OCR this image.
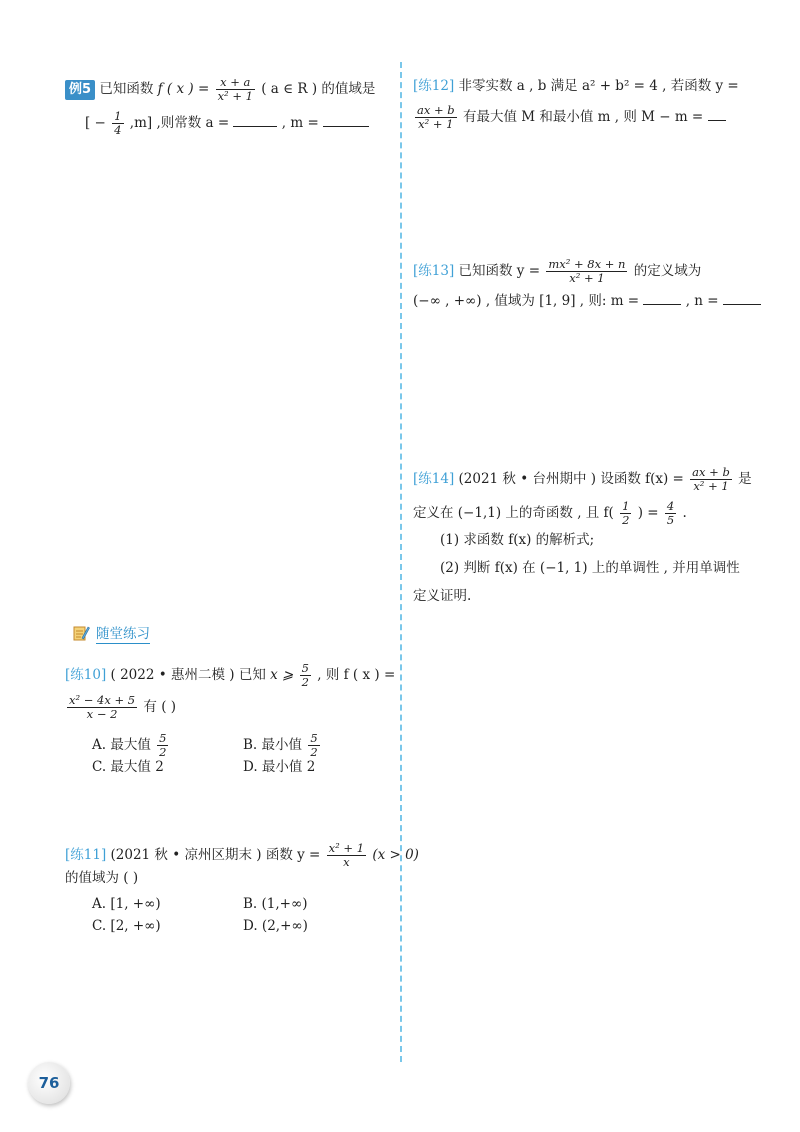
例5 已知函数 f ( x ) = $\frac{x + a}{\text{x² + 1}}$ ( a ∈ R ) 的值域是
[ − $\frac{1}{4} ,m$] ,则常数 a =	, m =
随堂练习
[练10] ( 2022 • 惠州二模 ) 已知 x ⩾ $\frac{5}{2}$ , 则 f ( x ) =
$\frac{\text{x² − 4x + 5}}{x - 2}$ 有 ( )
A. 最大值 $\frac{5}{2}$	B. 最小值 $\frac{5}{2}$
C. 最大值 2	D. 最小值 2
[练11] (2021 秋 • 凉州区期末 ) 函数 $y = \frac{\text{x² + 1}}{x} (x > 0)$
的值域为 ( )
A. [1, +∞)	B. (1,+∞)
C. [2, +∞)	D. (2,+∞)
[练12] 非零实数 a , b 满足 a² + b² = 4 , 若函数 y =
$\frac{ax + b}{\text{x² + 1}}$ 有最大值 M 和最小值 m , 则 M − m =
[练13] 已知函数 $y = \frac{\text{mx² + 8x + n}}{\text{x² + 1}}$ 的定义域为
(−∞ , +∞) , 值域为 [1, 9] , 则: m =	, n =
[练14] (2021 秋 • 台州期中 ) 设函数 $f(x) = \frac{ax + b}{\text{x² + 1}}$ 是
定义在 (−1,1) 上的奇函数 , 且 $f( \frac{1}{2}$ ) = $\frac{4}{5}$ .
(1) 求函数 f(x) 的解析式;
(2) 判断 f(x) 在 (−1, 1) 上的单调性 , 并用单调性
定义证明.
76
